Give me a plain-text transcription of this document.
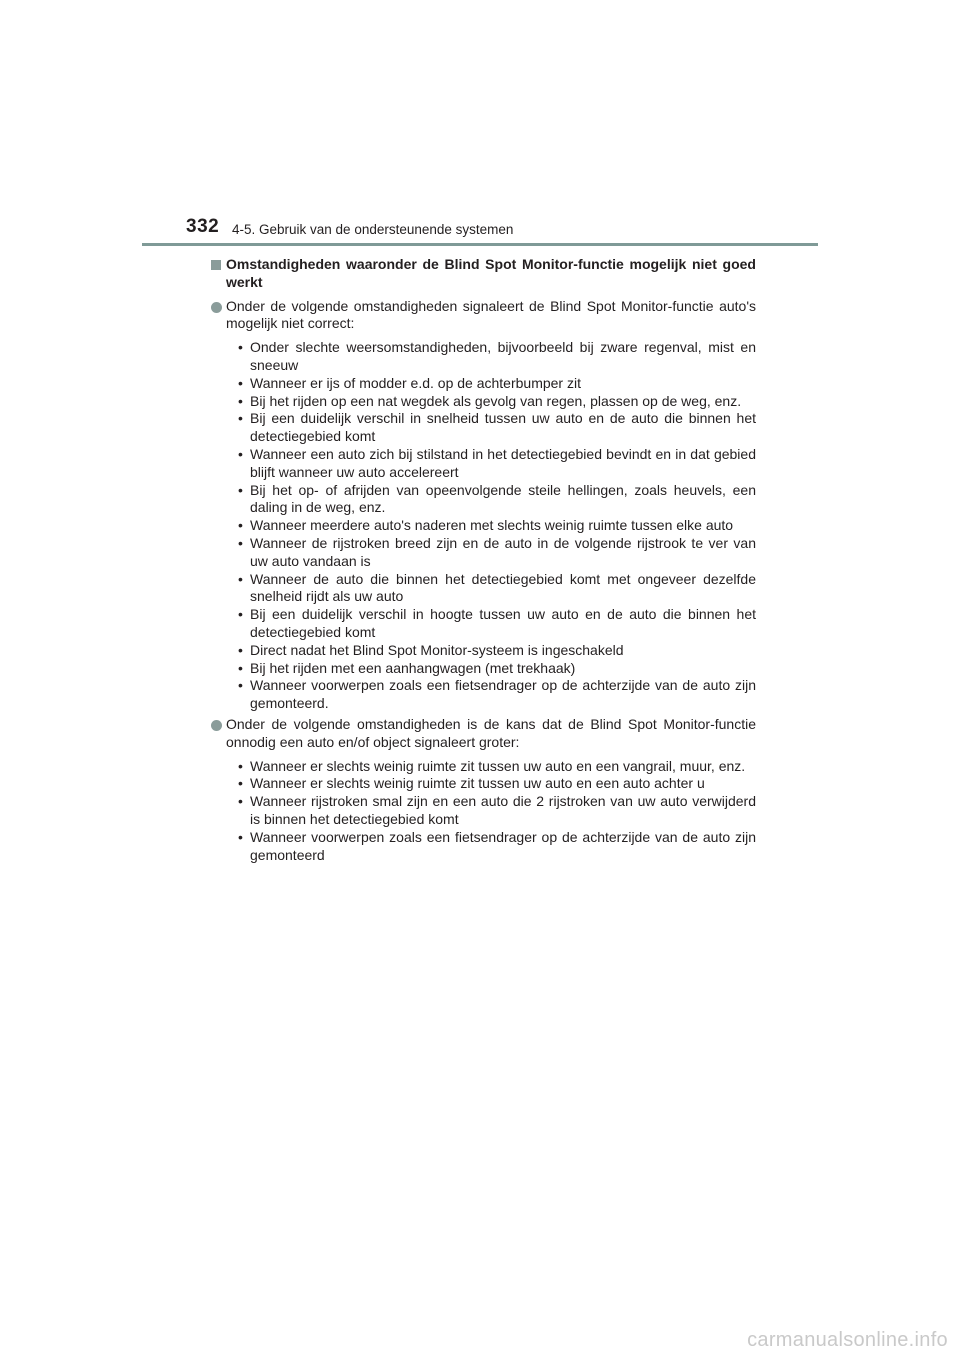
332 4-5. Gebruik van de ondersteunende systemen
Omstandigheden waaronder de Blind Spot Monitor-functie mogelijk niet goed werkt
Onder de volgende omstandigheden signaleert de Blind Spot Monitor-functie auto's mogelijk niet correct:
• Onder slechte weersomstandigheden, bijvoorbeeld bij zware regenval, mist en sneeuw
• Wanneer er ijs of modder e.d. op de achterbumper zit
• Bij het rijden op een nat wegdek als gevolg van regen, plassen op de weg, enz.
• Bij een duidelijk verschil in snelheid tussen uw auto en de auto die binnen het detectiegebied komt
• Wanneer een auto zich bij stilstand in het detectiegebied bevindt en in dat gebied blijft wanneer uw auto accelereert
• Bij het op- of afrijden van opeenvolgende steile hellingen, zoals heuvels, een daling in de weg, enz.
• Wanneer meerdere auto's naderen met slechts weinig ruimte tussen elke auto
• Wanneer de rijstroken breed zijn en de auto in de volgende rijstrook te ver van uw auto vandaan is
• Wanneer de auto die binnen het detectiegebied komt met ongeveer dezelfde snelheid rijdt als uw auto
• Bij een duidelijk verschil in hoogte tussen uw auto en de auto die binnen het detectiegebied komt
• Direct nadat het Blind Spot Monitor-systeem is ingeschakeld
• Bij het rijden met een aanhangwagen (met trekhaak)
• Wanneer voorwerpen zoals een fietsendrager op de achterzijde van de auto zijn gemonteerd.
Onder de volgende omstandigheden is de kans dat de Blind Spot Monitor-functie onnodig een auto en/of object signaleert groter:
• Wanneer er slechts weinig ruimte zit tussen uw auto en een vangrail, muur, enz.
• Wanneer er slechts weinig ruimte zit tussen uw auto en een auto achter u
• Wanneer rijstroken smal zijn en een auto die 2 rijstroken van uw auto verwijderd is binnen het detectiegebied komt
• Wanneer voorwerpen zoals een fietsendrager op de achterzijde van de auto zijn gemonteerd
carmanualsonline.info
